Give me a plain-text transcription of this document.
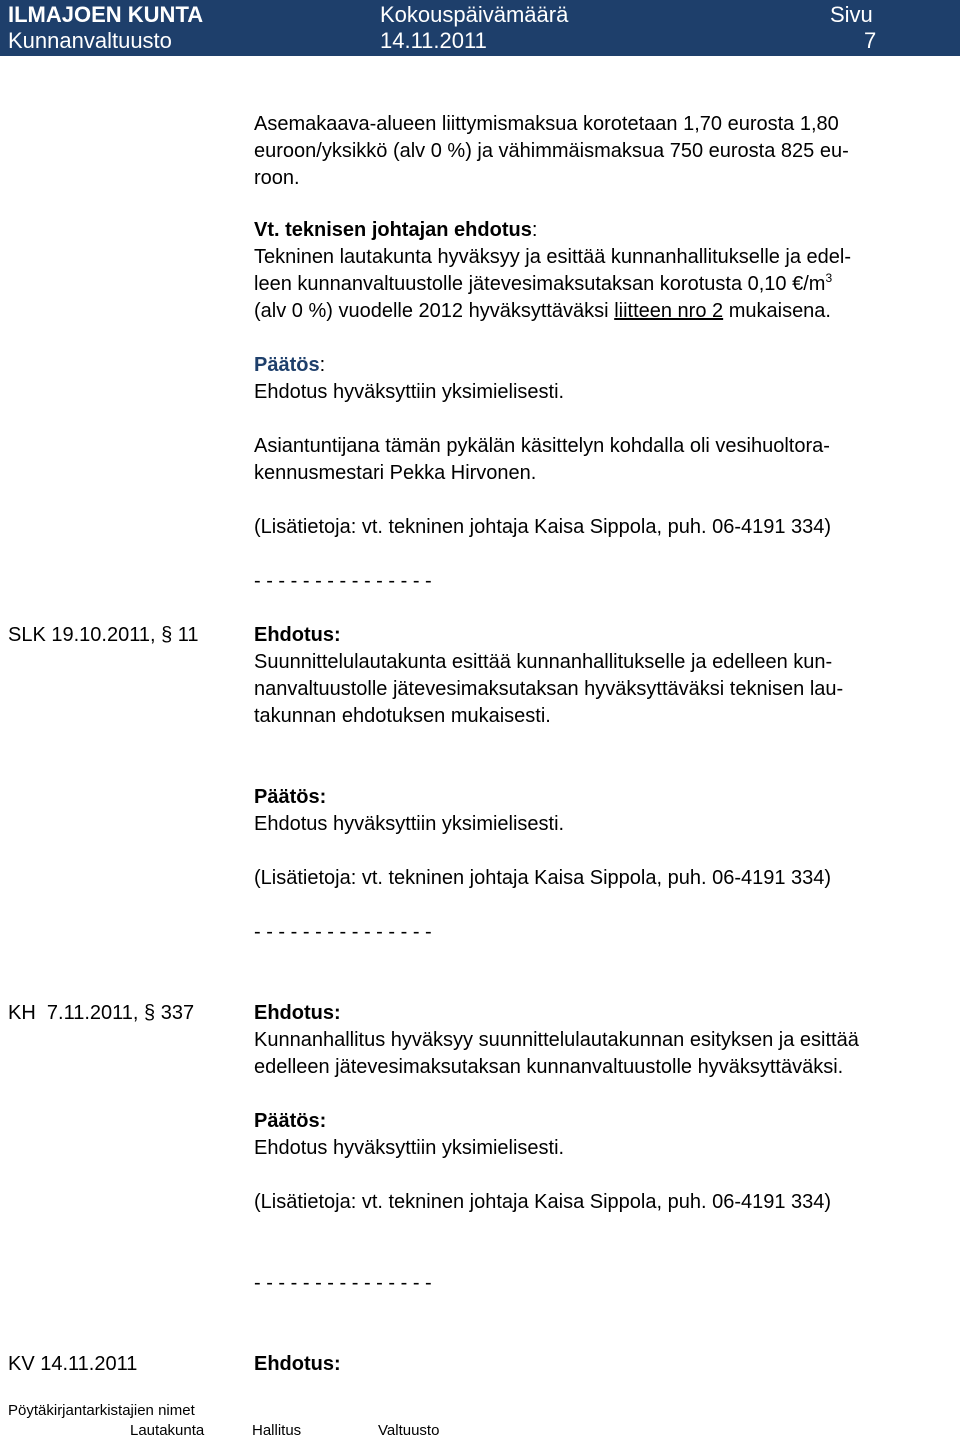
ILMAJOEN KUNTA
Kunnanvaltuusto
Kokouspäivämäärä
14.11.2011
Sivu
7
Asemakaava-alueen liittymismaksua korotetaan 1,70 eurosta 1,80
euroon/yksikkö (alv 0 %) ja vähimmäismaksua 750 eurosta 825 eu-
roon.
Vt. teknisen johtajan ehdotus:
Tekninen lautakunta hyväksyy ja esittää kunnanhallitukselle ja edel-
leen kunnanvaltuustolle jätevesimaksutaksan korotusta 0,10 $€/m^3$
(alv 0 %) vuodelle 2012 hyväksyttäväksi liitteen nro 2 mukaisena.
Päätös:
Ehdotus hyväksyttiin yksimielisesti.
Asiantuntijana tämän pykälän käsittelyn kohdalla oli vesihuoltora-
kennusmestari Pekka Hirvonen.
(Lisätietoja: vt. tekninen johtaja Kaisa Sippola, puh. 06-4191 334)
- - - - - - - - - - - - - - -
SLK 19.10.2011, § 11	Ehdotus:
Suunnittelulautakunta esittää kunnanhallitukselle ja edelleen kun-
nanvaltuustolle jätevesimaksutaksan hyväksyttäväksi teknisen lau-
takunnan ehdotuksen mukaisesti.
Päätös:
Ehdotus hyväksyttiin yksimielisesti.
(Lisätietoja: vt. tekninen johtaja Kaisa Sippola, puh. 06-4191 334)
- - - - - - - - - - - - - - -
KH  7.11.2011, § 337	Ehdotus:
Kunnanhallitus hyväksyy suunnittelulautakunnan esityksen ja esittää
edelleen jätevesimaksutaksan kunnanvaltuustolle hyväksyttäväksi.
Päätös:
Ehdotus hyväksyttiin yksimielisesti.
(Lisätietoja: vt. tekninen johtaja Kaisa Sippola, puh. 06-4191 334)
- - - - - - - - - - - - - - -
KV 14.11.2011	Ehdotus:
Pöytäkirjantarkistajien nimet
Lautakunta	Hallitus	Valtuusto
